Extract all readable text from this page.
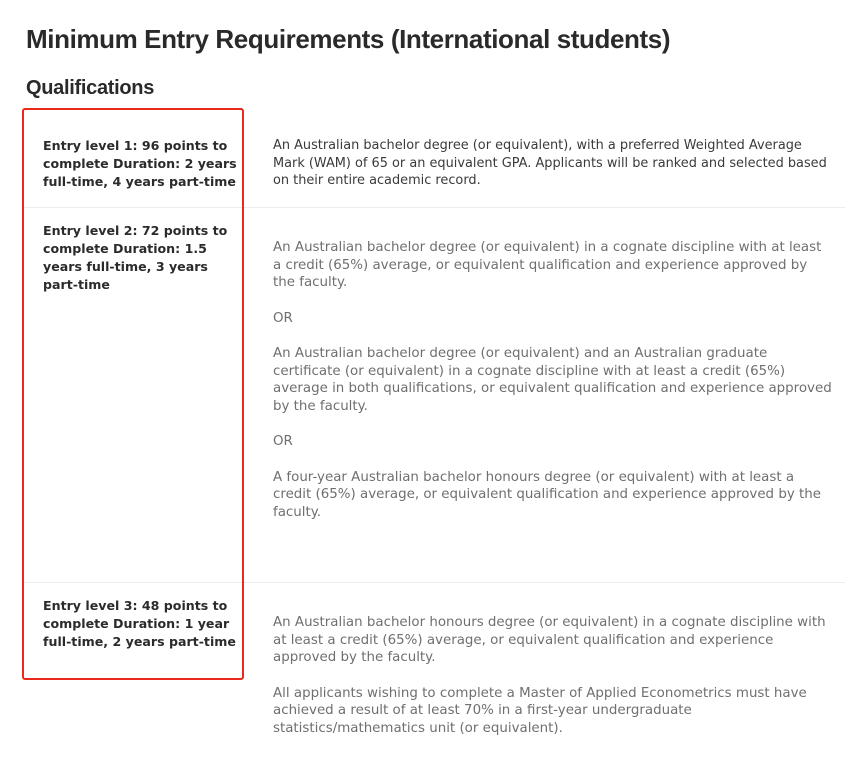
Minimum Entry Requirements (International students)
Qualifications
Entry level 1: 96 points to complete Duration: 2 years full-time, 4 years part-time

An Australian bachelor degree (or equivalent), with a preferred Weighted Average Mark (WAM) of 65 or an equivalent GPA. Applicants will be ranked and selected based on their entire academic record.

Entry level 2: 72 points to complete Duration: 1.5 years full-time, 3 years part-time

An Australian bachelor degree (or equivalent) in a cognate discipline with at least a credit (65%) average, or equivalent qualification and experience approved by the faculty.

OR

An Australian bachelor degree (or equivalent) and an Australian graduate certificate (or equivalent) in a cognate discipline with at least a credit (65%) average in both qualifications, or equivalent qualification and experience approved by the faculty.

OR

A four-year Australian bachelor honours degree (or equivalent) with at least a credit (65%) average, or equivalent qualification and experience approved by the faculty.

Entry level 3: 48 points to complete Duration: 1 year full-time, 2 years part-time

An Australian bachelor honours degree (or equivalent) in a cognate discipline with at least a credit (65%) average, or equivalent qualification and experience approved by the faculty.

All applicants wishing to complete a Master of Applied Econometrics must have achieved a result of at least 70% in a first-year undergraduate statistics/mathematics unit (or equivalent).
